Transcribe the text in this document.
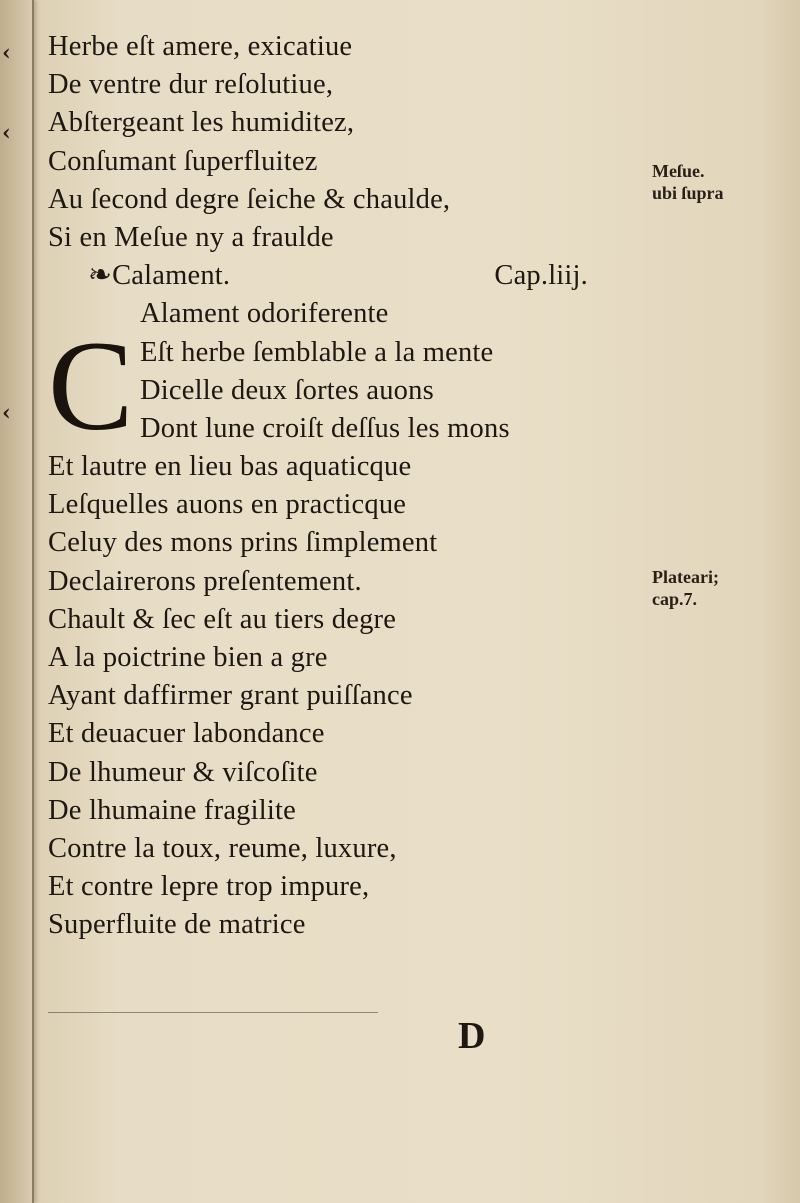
‹
‹
‹ C
Herbe eſt amere, exicatiue
De ventre dur reſolutiue,
Abſtergeant les humiditez,
Conſumant ſuperfluitez
Au ſecond degre ſeiche & chaulde,
Si en Meſue ny a fraulde
❧ Calament.	Cap.liij.
Alament odoriferente
Eſt herbe ſemblable a la mente
Dicelle deux ſortes auons
Dont lune croiſt deſſus les mons
Et lautre en lieu bas aquaticque
Leſquelles auons en practicque
Celuy des mons prins ſimplement
Declairerons preſentement.
Chault & ſec eſt au tiers degre
A la poictrine bien a gre
Ayant daffirmer grant puiſſance
Et deuacuer labondance
De lhumeur & viſcoſite
De lhumaine fragilite
Contre la toux, reume, luxure,
Et contre lepre trop impure,
Superfluite de matrice
Meſue.
ubi ſupra
Plateari;
cap.7.
D
